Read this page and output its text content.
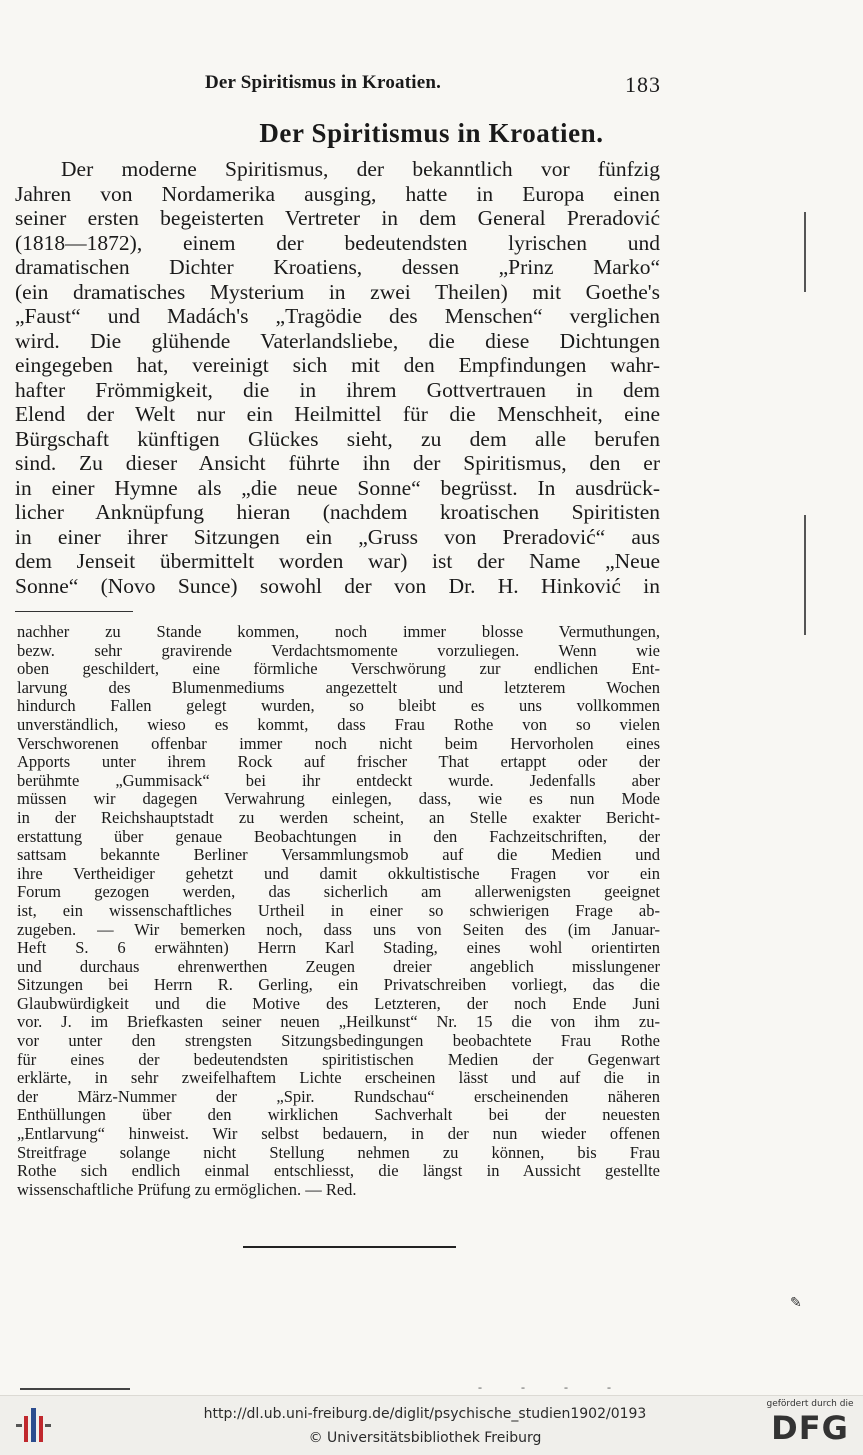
Der Spiritismus in Kroatien.	183
Der Spiritismus in Kroatien.
Der moderne Spiritismus, der bekanntlich vor fünfzig
Jahren von Nordamerika ausging, hatte in Europa einen
seiner ersten begeisterten Vertreter in dem General Preradović
(1818—1872), einem der bedeutendsten lyrischen und
dramatischen Dichter Kroatiens, dessen „Prinz Marko“
(ein dramatisches Mysterium in zwei Theilen) mit Goethe's
„Faust“ und Madách's „Tragödie des Menschen“ verglichen
wird. Die glühende Vaterlandsliebe, die diese Dichtungen
eingegeben hat, vereinigt sich mit den Empfindungen wahr-
hafter Frömmigkeit, die in ihrem Gottvertrauen in dem
Elend der Welt nur ein Heilmittel für die Menschheit, eine
Bürgschaft künftigen Glückes sieht, zu dem alle berufen
sind. Zu dieser Ansicht führte ihn der Spiritismus, den er
in einer Hymne als „die neue Sonne“ begrüsst. In ausdrück-
licher Anknüpfung hieran (nachdem kroatischen Spiritisten
in einer ihrer Sitzungen ein „Gruss von Preradović“ aus
dem Jenseit übermittelt worden war) ist der Name „Neue
Sonne“ (Novo Sunce) sowohl der von Dr. H. Hinković in
nachher zu Stande kommen, noch immer blosse Vermuthungen,
bezw. sehr gravirende Verdachtsmomente vorzuliegen. Wenn wie
oben geschildert, eine förmliche Verschwörung zur endlichen Ent-
larvung des Blumenmediums angezettelt und letzterem Wochen
hindurch Fallen gelegt wurden, so bleibt es uns vollkommen
unverständlich, wieso es kommt, dass Frau Rothe von so vielen
Verschworenen offenbar immer noch nicht beim Hervorholen eines
Apports unter ihrem Rock auf frischer That ertappt oder der
berühmte „Gummisack“ bei ihr entdeckt wurde. Jedenfalls aber
müssen wir dagegen Verwahrung einlegen, dass, wie es nun Mode
in der Reichshauptstadt zu werden scheint, an Stelle exakter Bericht-
erstattung über genaue Beobachtungen in den Fachzeitschriften, der
sattsam bekannte Berliner Versammlungsmob auf die Medien und
ihre Vertheidiger gehetzt und damit okkultistische Fragen vor ein
Forum gezogen werden, das sicherlich am allerwenigsten geeignet
ist, ein wissenschaftliches Urtheil in einer so schwierigen Frage ab-
zugeben. — Wir bemerken noch, dass uns von Seiten des (im Januar-
Heft S. 6 erwähnten) Herrn Karl Stading, eines wohl orientirten
und durchaus ehrenwerthen Zeugen dreier angeblich misslungener
Sitzungen bei Herrn R. Gerling, ein Privatschreiben vorliegt, das die
Glaubwürdigkeit und die Motive des Letzteren, der noch Ende Juni
vor. J. im Briefkasten seiner neuen „Heilkunst“ Nr. 15 die von ihm zu-
vor unter den strengsten Sitzungsbedingungen beobachtete Frau Rothe
für eines der bedeutendsten spiritistischen Medien der Gegenwart
erklärte, in sehr zweifelhaftem Lichte erscheinen lässt und auf die in
der März-Nummer der „Spir. Rundschau“ erscheinenden näheren
Enthüllungen über den wirklichen Sachverhalt bei der neuesten
„Entlarvung“ hinweist. Wir selbst bedauern, in der nun wieder offenen
Streitfrage solange nicht Stellung nehmen zu können, bis Frau
Rothe sich endlich einmal entschliesst, die längst in Aussicht gestellte
wissenschaftliche Prüfung zu ermöglichen. — Red.
✎
- - - -
http://dl.ub.uni-freiburg.de/diglit/psychische_studien1902/0193
© Universitätsbibliothek Freiburg
gefördert durch die
DFG
